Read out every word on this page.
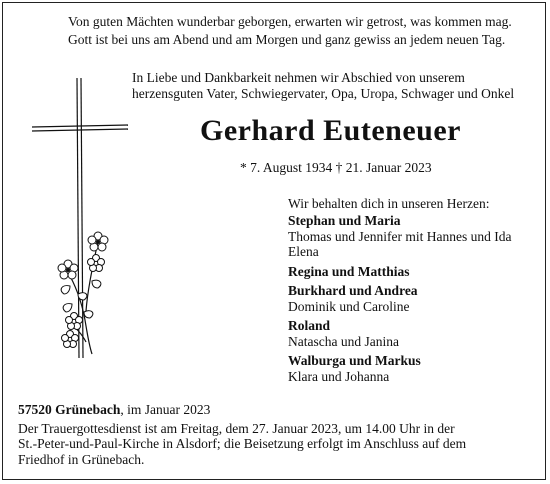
Von guten Mächten wunderbar geborgen, erwarten wir getrost, was kommen mag.
Gott ist bei uns am Abend und am Morgen und ganz gewiss an jedem neuen Tag.
In Liebe und Dankbarkeit nehmen wir Abschied von unserem
herzensguten Vater, Schwiegervater, Opa, Uropa, Schwager und Onkel
Gerhard Euteneuer
* 7. August 1934 † 21. Januar 2023
Wir behalten dich in unseren Herzen:
Stephan und Maria
Thomas und Jennifer mit Hannes und Ida
Elena
Regina und Matthias
Burkhard und Andrea
Dominik und Caroline
Roland
Natascha und Janina
Walburga und Markus
Klara und Johanna
57520 Grünebach, im Januar 2023
Der Trauergottesdienst ist am Freitag, dem 27. Januar 2023, um 14.00 Uhr in der
St.-Peter-und-Paul-Kirche in Alsdorf; die Beisetzung erfolgt im Anschluss auf dem
Friedhof in Grünebach.
